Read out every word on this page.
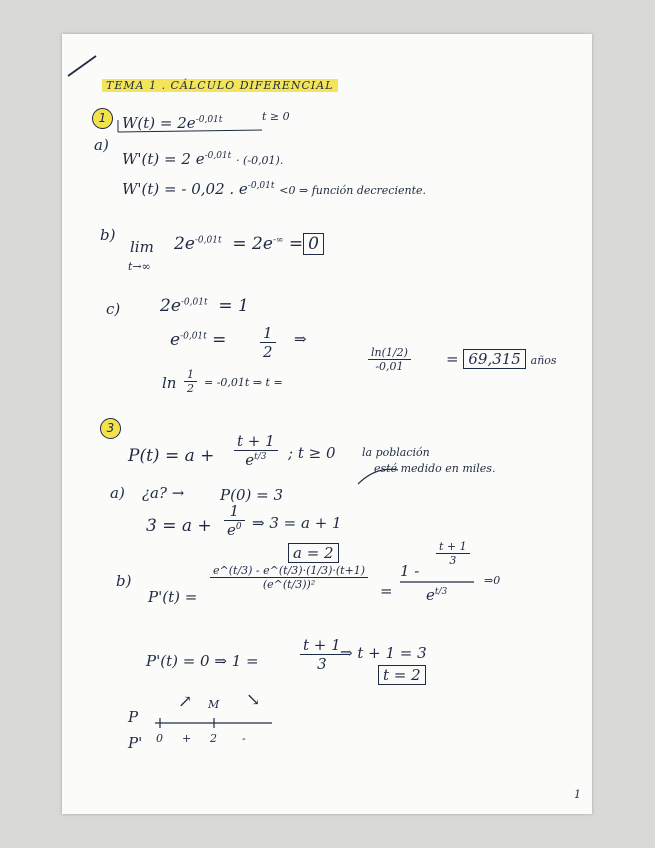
TEMA 1 . CÁLCULO DIFERENCIAL
1	$W(t) = 2e^{-0,01t}$	t ≥ 0
a)
W'(t) = 2 $e^{-0,01t} \cdot (-0,01)$.
W'(t) = - 0,02 . $e^{-0,01t} <0$ ⇒ función decreciente.
b)
lim
t→∞
$2e^{-0,01t} = 2e^{-\infty} = 0$
c) $2e^{-0,01t} = 1$
$e^{-0,01t} = \frac{1}{2}$ ⇒
$\ln \frac{1}{2} = -0,01t$ ⇒ t =
$\frac{\ln(1/2)}{-0,01} = 69,315$ años
3
$P(t) = a + \frac{t + 1}{e^{t/3}}$ ; t ≥ 0 la población
esté medido en miles.
a) ¿a? → P(0) = 3
$3 = a + \frac{1}{e^0}$ ⇒ 3 = a + 1
a = 2
b)
P'(t) =
$\frac{e\^{}(t/3) - e\^{}(t/3)\cdot(1/3)\cdot(t+1)}{\text{(e\textasciicircum{}(t/3))²}}$ =
1 -
$\frac{t + 1}{3}$
$e^{t/3}$
⇒0
P'(t) = 0 ⇒ 1 =	$\frac{t + 1}{3}$
⇒ t + 1 = 3
t = 2
P
P'
↗ M ↘
0 + 2 -
1
